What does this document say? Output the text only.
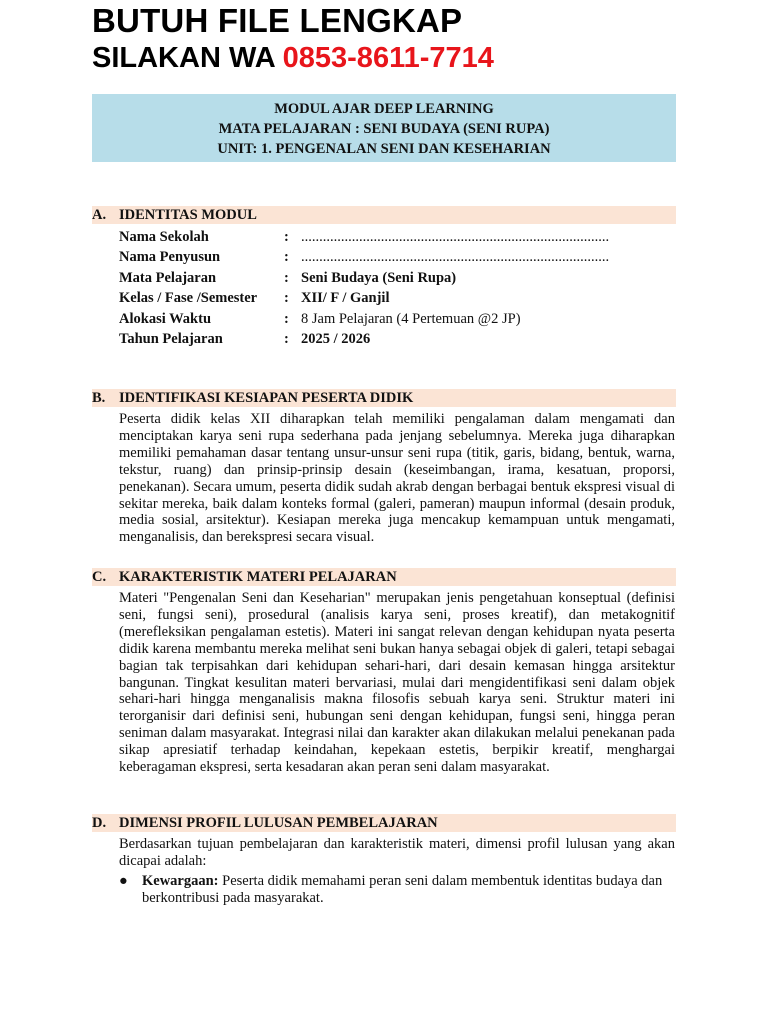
BUTUH FILE LENGKAP
SILAKAN WA 0853-8611-7714
MODUL AJAR DEEP LEARNING
MATA PELAJARAN : SENI BUDAYA (SENI RUPA)
UNIT: 1. PENGENALAN SENI DAN KESEHARIAN
A. IDENTITAS MODUL
Nama Sekolah	: .....................................................................................
Nama Penyusun	: .....................................................................................
Mata Pelajaran	: Seni Budaya (Seni Rupa)
Kelas / Fase /Semester : XII/ F / Ganjil
Alokasi Waktu	: 8 Jam Pelajaran (4 Pertemuan @2 JP)
Tahun Pelajaran	: 2025 / 2026
B. IDENTIFIKASI KESIAPAN PESERTA DIDIK

Peserta didik kelas XII diharapkan telah memiliki pengalaman dalam mengamati dan menciptakan karya seni rupa sederhana pada jenjang sebelumnya. Mereka juga diharapkan memiliki pemahaman dasar tentang unsur-unsur seni rupa (titik, garis, bidang, bentuk, warna, tekstur, ruang) dan prinsip-prinsip desain (keseimbangan, irama, kesatuan, proporsi, penekanan). Secara umum, peserta didik sudah akrab dengan berbagai bentuk ekspresi visual di sekitar mereka, baik dalam konteks formal (galeri, pameran) maupun informal (desain produk, media sosial, arsitektur). Kesiapan mereka juga mencakup kemampuan untuk mengamati, menganalisis, dan berekspresi secara visual.

C. KARAKTERISTIK MATERI PELAJARAN

Materi "Pengenalan Seni dan Keseharian" merupakan jenis pengetahuan konseptual (definisi seni, fungsi seni), prosedural (analisis karya seni, proses kreatif), dan metakognitif (merefleksikan pengalaman estetis). Materi ini sangat relevan dengan kehidupan nyata peserta didik karena membantu mereka melihat seni bukan hanya sebagai objek di galeri, tetapi sebagai bagian tak terpisahkan dari kehidupan sehari-hari, dari desain kemasan hingga arsitektur bangunan. Tingkat kesulitan materi bervariasi, mulai dari mengidentifikasi seni dalam objek sehari-hari hingga menganalisis makna filosofis sebuah karya seni. Struktur materi ini terorganisir dari definisi seni, hubungan seni dengan kehidupan, fungsi seni, hingga peran seniman dalam masyarakat. Integrasi nilai dan karakter akan dilakukan melalui penekanan pada sikap apresiatif terhadap keindahan, kepekaan estetis, berpikir kreatif, menghargai keberagaman ekspresi, serta kesadaran akan peran seni dalam masyarakat.

D. DIMENSI PROFIL LULUSAN PEMBELAJARAN

Berdasarkan tujuan pembelajaran dan karakteristik materi, dimensi profil lulusan yang akan dicapai adalah:

● Kewargaan: Peserta didik memahami peran seni dalam membentuk identitas budaya dan berkontribusi pada masyarakat.
